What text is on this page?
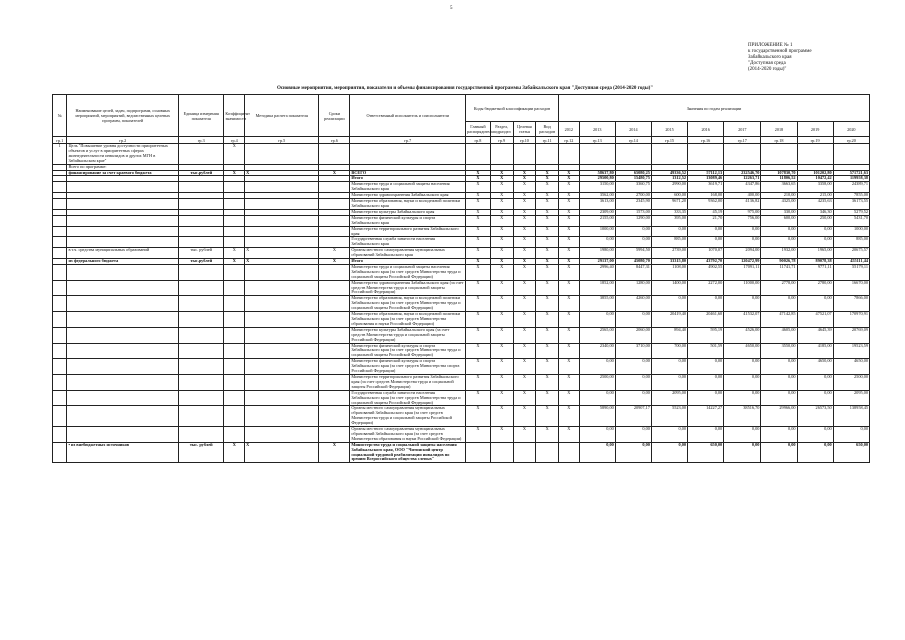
5
ПРИЛОЖЕНИЕ № 1
к государственной программе
Забайкальского края
"Доступная среда
(2014-2020 годы)"
Основные мероприятия, мероприятия, показатели и объемы финансирования государственной программы Забайкальского края "Доступная среда (2014-2020 годы)"
№	Наименование целей, задач, подпрограмм, основных мероприятий, мероприятий, ведомственных целевых программ, показателей	Единица измерения показателя	Коэффициент значимости	Методика расчета показателя	Сроки реализации	Ответственный исполнитель и соисполнители	Коды бюджетной классификации расходов				Значения по годам реализации								
							Главный распорядитель	Раздел, подраздел	Целевая статья	Вид расходов	2012	2013	2014	2015	2016	2017	2018	2019	2020
гр.1	гр.2	гр.3	гр.4	гр.5	гр.6	гр.7	гр.8	гр.9	гр.10	гр.11	гр.12	гр.13	гр.14	гр.15	гр.16	гр.17	гр.18	гр.19	гр.20
1	Цель "Повышение уровня доступности приоритетных объектов и услуг в приоритетных сферах жизнедеятельности инвалидов и других МГН в Забайкальском крае"		X																
	Всего по программе:																		
	финансирование за счет краевого бюджета	тыс.рублей	X	X	X	ВСЕГО	X	X	X	X	X	58637,80	65080,25	49336,52	57112,13	232546,70	107830,70	101202,80	571721,63
						Итого	X	X	X	X	X	29500,80	15480,75	1312,52	13089,46	12263,71	11806,52	10472,42	119958,38
						Министерство труда и социальной защиты населения Забайкальского края	X	X	X	X	X	3150,00	3360,75	2990,00	3619,71	4347,86	3663,65	3358,00	24389,71
						Министерство здравоохранения Забайкальского края	X	X	X	X	X	3562,00	2700,00	600,00	168,00	400,00	210,00	215,00	7855,00
						Министерство образования, науки и молодежной политики Забайкальского края	X	X	X	X	X	3613,00	2345,90	9671,20	9362,00	4136,82	4325,00	4235,63	36173,55
						Министерство культуры Забайкальского края	X	X	X	X	X	2309,00	1573,00	333,35	45,19	975,00	330,00	346,30	5279,52
						Министерство физической культуры и спорта Забайкальского края	X	X	X	X	X	2155,00	1290,00	395,00	21,70	756,00	600,00	250,00	5431,70
						Министерство территориального развития Забайкальского края	X	X	X	X	X	1000,00	0,00	0,00	0,00	0,00	0,00	0,00	1000,00
						Государственная служба занятости населения Забайкальского края	X	X	X	X	X	0,00	0,00	885,00	0,00	0,00	0,00	0,00	885,00
	в т.ч. средства муниципальных образований	тыс. рублей	X	X	X	Органы местного самоуправления муниципальных образований Забайкальского края	X	X	X	X	X	1980,00	5994,50	2739,00	1070,07	2094,00	1932,00	1965,00	20675,57
	из федерального бюджета	тыс.рублей	X	X	X	Итого	X	X	X	X	X	29137,00	45080,70	33315,80	43792,70	120472,99	90026,78	89078,38	455111,44
						Министерство труда и социальной защиты населения Забайкальского края (за счет средств Министерства труда и социальной защиты Российской Федерации)	X	X	X	X	X	2996,40	8447,31	1108,00	4902,55	17091,11	11741,71	9771,11	55179,11
						Министерство здравоохранения Забайкальского края (за счет средств Министерства труда и социальной защиты Российской Федерации)	X	X	X	X	X	1852,00	1280,00	1400,00	2272,00	11000,00	2778,00	2780,00	16670,00
						Министерство образования, науки и молодежной политики Забайкальского края (за счет средств Министерства труда и социальной защиты Российской Федерации)	X	X	X	X	X	3855,00	4260,00	0,00	0,00	0,00	0,00	0,00	7866,00
						Министерство образования, науки и молодежной политики Забайкальского края (за счет средств Министерства образования и науки Российской Федерации)	X	X	X	X	X	0,00	0,00	20419,40	20461,60	41532,07	47142,85	47521,07	170970,91
						Министерство культуры Забайкальского края (за счет средств Министерства труда и социальной защиты Российской Федерации)	X	X	X	X	X	2565,00	2060,00	894,40	595,19	4526,00	4605,00	4645,39	20769,09
						Министерство физической культуры и спорта Забайкальского края (за счет средств Министерства труда и социальной защиты Российской Федерации)	X	X	X	X	X	2340,00	3710,00	700,00	501,59	4650,00	3550,00	4185,00	19523,59
						Министерство физической культуры и спорта Забайкальского края (за счет средств Министерства спорта Российской Федерации)	X	X	X	X	X	0,00	0,00	0,00	0,00	0,00	0,00	4650,00	4650,00
						Министерство территориального развития Забайкальского края (за счет средств Министерства труда и социальной защиты Российской Федерации)	X	X	X	X	X	2500,00	0,00	0,00	0,00	0,00	0,00	0,00	2500,00
						Государственная служба занятости населения Забайкальского края (за счет средств Министерства труда и социальной защиты Российской Федерации)	X	X	X	X	X	0,00	0,00	2095,00	0,00	0,00	0,00	0,00	2095,00
						Органы местного самоуправления муниципальных образований Забайкальского края (за счет средств Министерства труда и социальной защиты Российской Федерации)	X	X	X	X	X	5890,00	20907,17	5523,00	14227,27	38516,70	29966,00	26573,50	138958,45
						Органы местного самоуправления муниципальных образований Забайкальского края (за счет средств Министерства образования и науки Российской Федерации)	X	X	X	X	X	0,00	0,00	0,00	0,00	0,00	0,00	0,00	0,00
	• из внебюджетных источников	тыс. рублей	X	X	X	Министерство труда и социальной защиты населения Забайкальского края, ООО "Читинский центр социальной трудовой реабилитации инвалидов по зрению Всероссийского общества слепых"						0,00	0,00	0,00	650,00	0,00	0,00	0,00	650,00
